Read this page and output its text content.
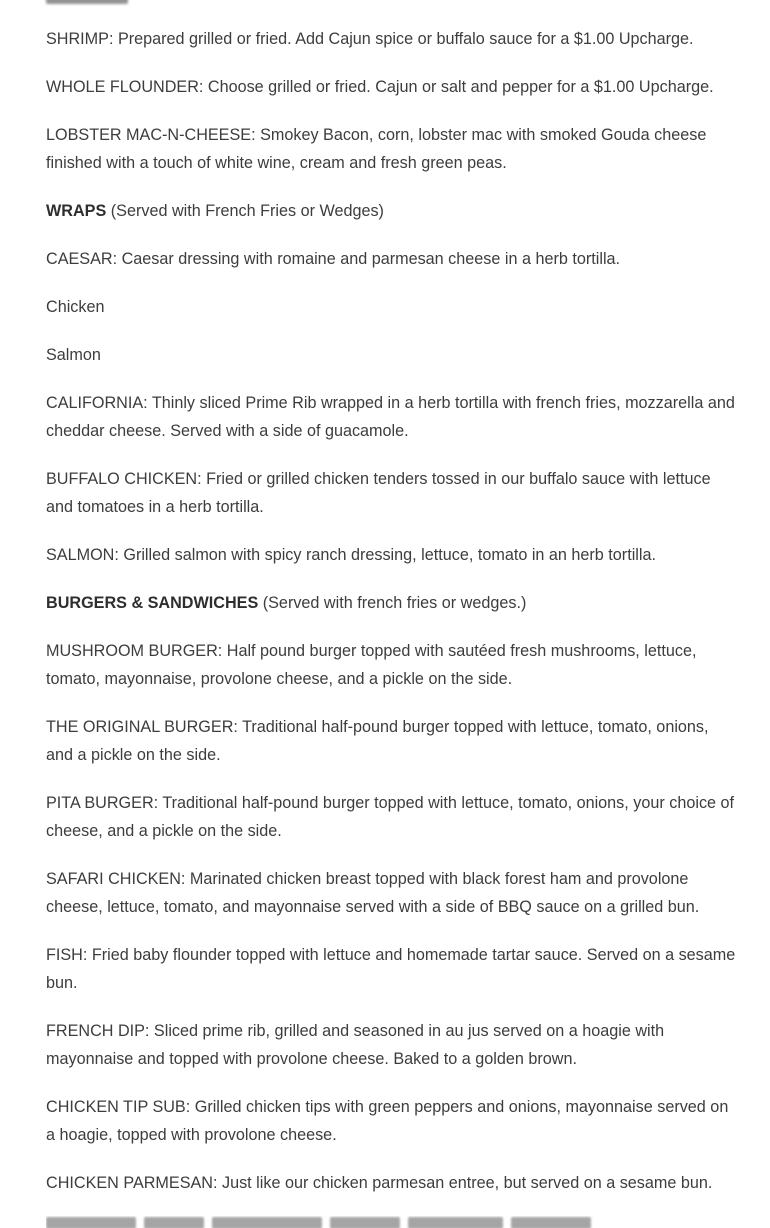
SHRIMP: Prepared grilled or fried. Add Cajun spice or buffalo sauce for a $1.00 Upcharge.

WHOLE FLOUNDER: Choose grilled or fried. Cajun or salt and pepper for a $1.00 Upcharge.

LOBSTER MAC-N-CHEESE: Smokey Bacon, corn, lobster mac with smoked Gouda cheese finished with a touch of white wine, cream and fresh green peas.

WRAPS (Served with French Fries or Wedges)

CAESAR: Caesar dressing with romaine and parmesan cheese in a herb tortilla.

Chicken

Salmon

CALIFORNIA: Thinly sliced Prime Rib wrapped in a herb tortilla with french fries, mozzarella and cheddar cheese. Served with a side of guacamole.

BUFFALO CHICKEN: Fried or grilled chicken tenders tossed in our buffalo sauce with lettuce and tomatoes in a herb tortilla.

SALMON: Grilled salmon with spicy ranch dressing, lettuce, tomato in an herb tortilla.

BURGERS & SANDWICHES (Served with french fries or wedges.)

MUSHROOM BURGER: Half pound burger topped with sautéed fresh mushrooms, lettuce, tomato, mayonnaise, provolone cheese, and a pickle on the side.

THE ORIGINAL BURGER: Traditional half-pound burger topped with lettuce, tomato, onions, and a pickle on the side.

PITA BURGER: Traditional half-pound burger topped with lettuce, tomato, onions, your choice of cheese, and a pickle on the side.

SAFARI CHICKEN: Marinated chicken breast topped with black forest ham and provolone cheese, lettuce, tomato, and mayonnaise served with a side of BBQ sauce on a grilled bun.

FISH: Fried baby flounder topped with lettuce and homemade tartar sauce. Served on a sesame bun.

FRENCH DIP: Sliced prime rib, grilled and seasoned in au jus served on a hoagie with mayonnaise and topped with provolone cheese. Baked to a golden brown.

CHICKEN TIP SUB: Grilled chicken tips with green peppers and onions, mayonnaise served on a hoagie, topped with provolone cheese.

CHICKEN PARMESAN: Just like our chicken parmesan entree, but served on a sesame bun.
